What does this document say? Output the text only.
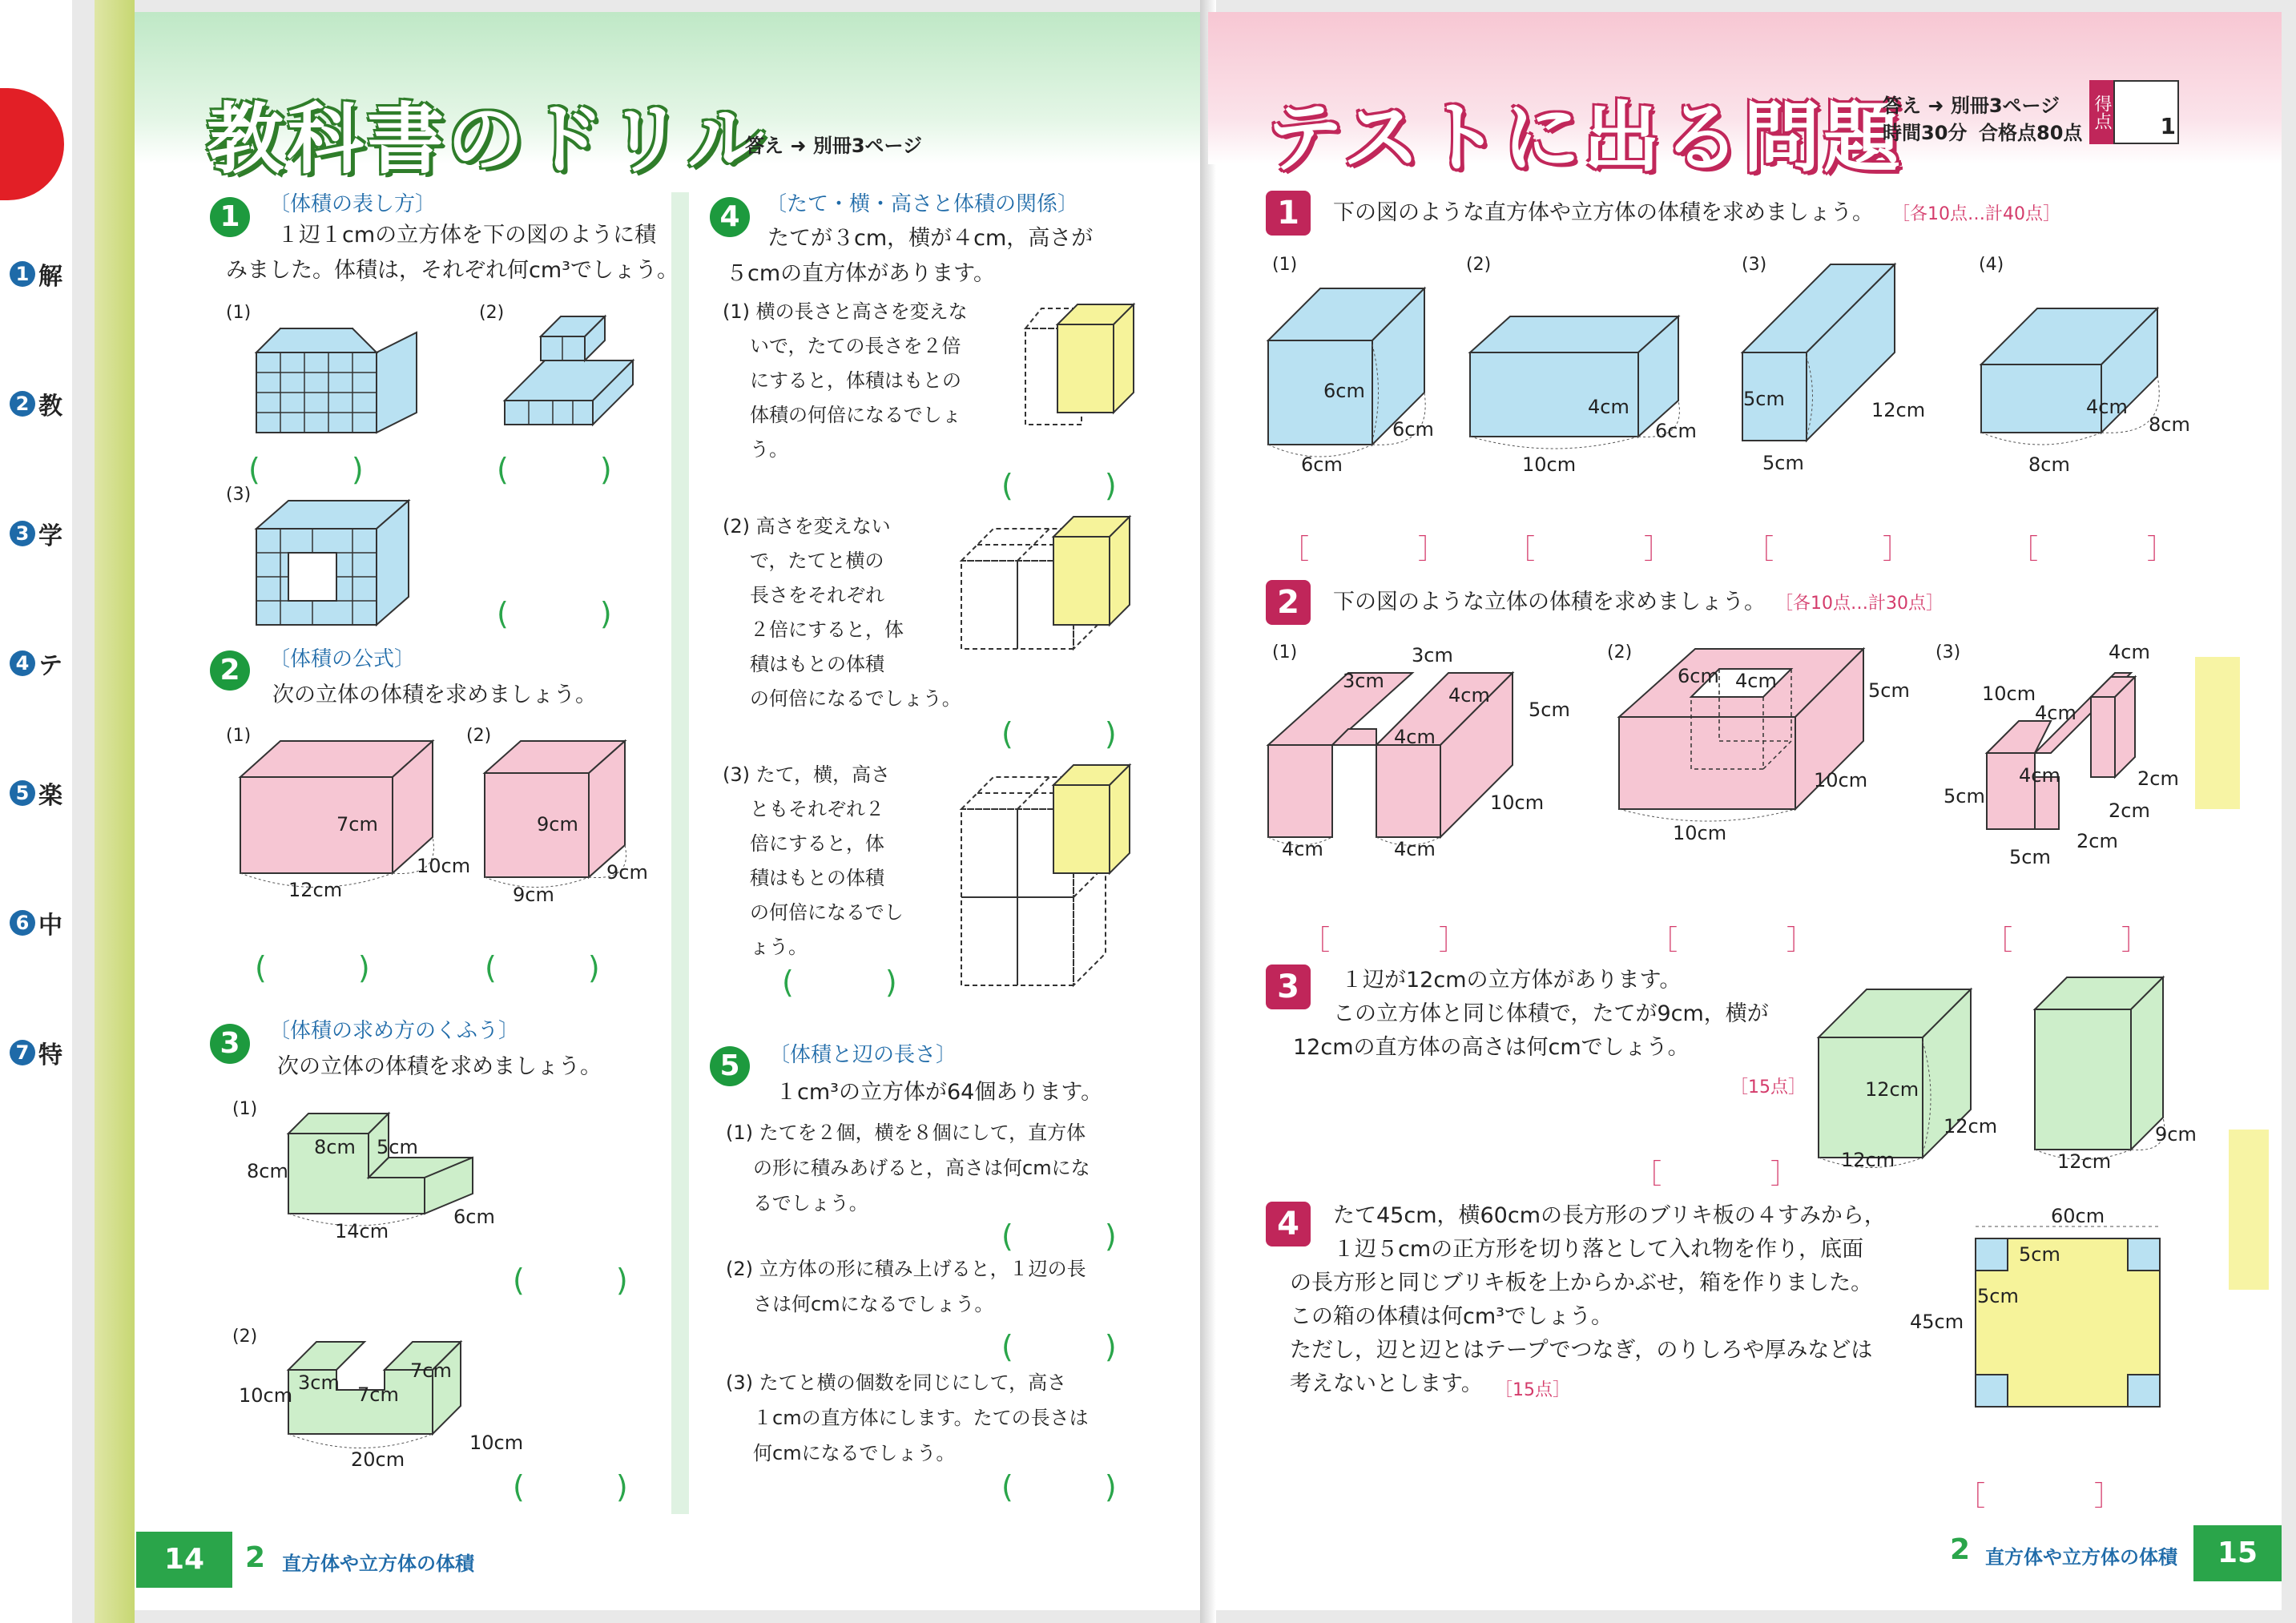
1 解
2 教
3 学
4 テ
5 楽
6 中
7 特
教科書のドリル
答え ➜ 別冊3ページ
1	〔体積の表し方〕
１辺１cmの立方体を下の図のように積
みました。体積は，それぞれ何cm³でしょう。
(1)	(2)
(3)
(　　　)	(　　　)
(　　　)
2	〔体積の公式〕
次の立体の体積を求めましょう。
(1)	(2)
7cm
10cm
12cm
9cm
9cm
9cm
(　　　)	(　　　)
3	〔体積の求め方のくふう〕
次の立体の体積を求めましょう。
(1)
(2)
8cm
5cm
8cm
14cm
6cm
7cm
3cm
7cm
10cm
20cm
10cm
(　　　)
(　　　)
4	〔たて・横・高さと体積の関係〕
たてが３cm，横が４cm，高さが
５cmの直方体があります。
(1) 横の長さと高さを変えな
いで，たての長さを２倍
にすると，体積はもとの
体積の何倍になるでしょ
う。
(　　　)
(2) 高さを変えない
で，たてと横の
長さをそれぞれ
２倍にすると，体
積はもとの体積
の何倍になるでしょう。
(　　　)
(3) たて，横，高さ
ともそれぞれ２
倍にすると，体
積はもとの体積
の何倍になるでし
ょう。
(　　　)
5	〔体積と辺の長さ〕
１cm³の立方体が64個あります。
(1) たてを２個，横を８個にして，直方体
の形に積みあげると，高さは何cmにな
るでしょう。
(　　　)
(2) 立方体の形に積み上げると，１辺の長
さは何cmになるでしょう。
(　　　)
(3) たてと横の個数を同じにして，高さ
１cmの直方体にします。たての長さは
何cmになるでしょう。
(　　　)
14	2 直方体や立方体の体積
テストに出る問題
答え ➜ 別冊3ページ
時間30分 合格点80点
得点 1
1	下の図のような直方体や立方体の体積を求めましょう。 ［各10点…計40点］
(1)	(2)	(3)	(4)
6cm
6cm
6cm
4cm
6cm
10cm
5cm	12cm
5cm
4cm
8cm
8cm
［　　　　］ ［　　　　］	［　　　　］	［　　　　］
2	下の図のような立体の体積を求めましょう。 ［各10点…計30点］
(1)	(2)	(3)
3cm
3cm
4cm
4cm
5cm
10cm
4cm	4cm
6cm 4cm	5cm
10cm
10cm
4cm
10cm
4cm
4cm
5cm
2cm
2cm
2cm
5cm
［　　　　］	［　　　　］	［　　　　］
3	１辺が12cmの立方体があります。
この立方体と同じ体積で，たてが9cm，横が
12cmの直方体の高さは何cmでしょう。
［15点］	12cm
12cm
12cm	12cm
9cm
［　　　　］
4	たて45cm，横60cmの長方形のブリキ板の４すみから，
１辺５cmの正方形を切り落として入れ物を作り，底面
の長方形と同じブリキ板を上からかぶせ，箱を作りました。
この箱の体積は何cm³でしょう。
ただし，辺と辺とはテープでつなぎ，のりしろや厚みなどは
考えないとします。 ［15点］
60cm
5cm
5cm
45cm
［　　　　］
2 直方体や立方体の体積	15
